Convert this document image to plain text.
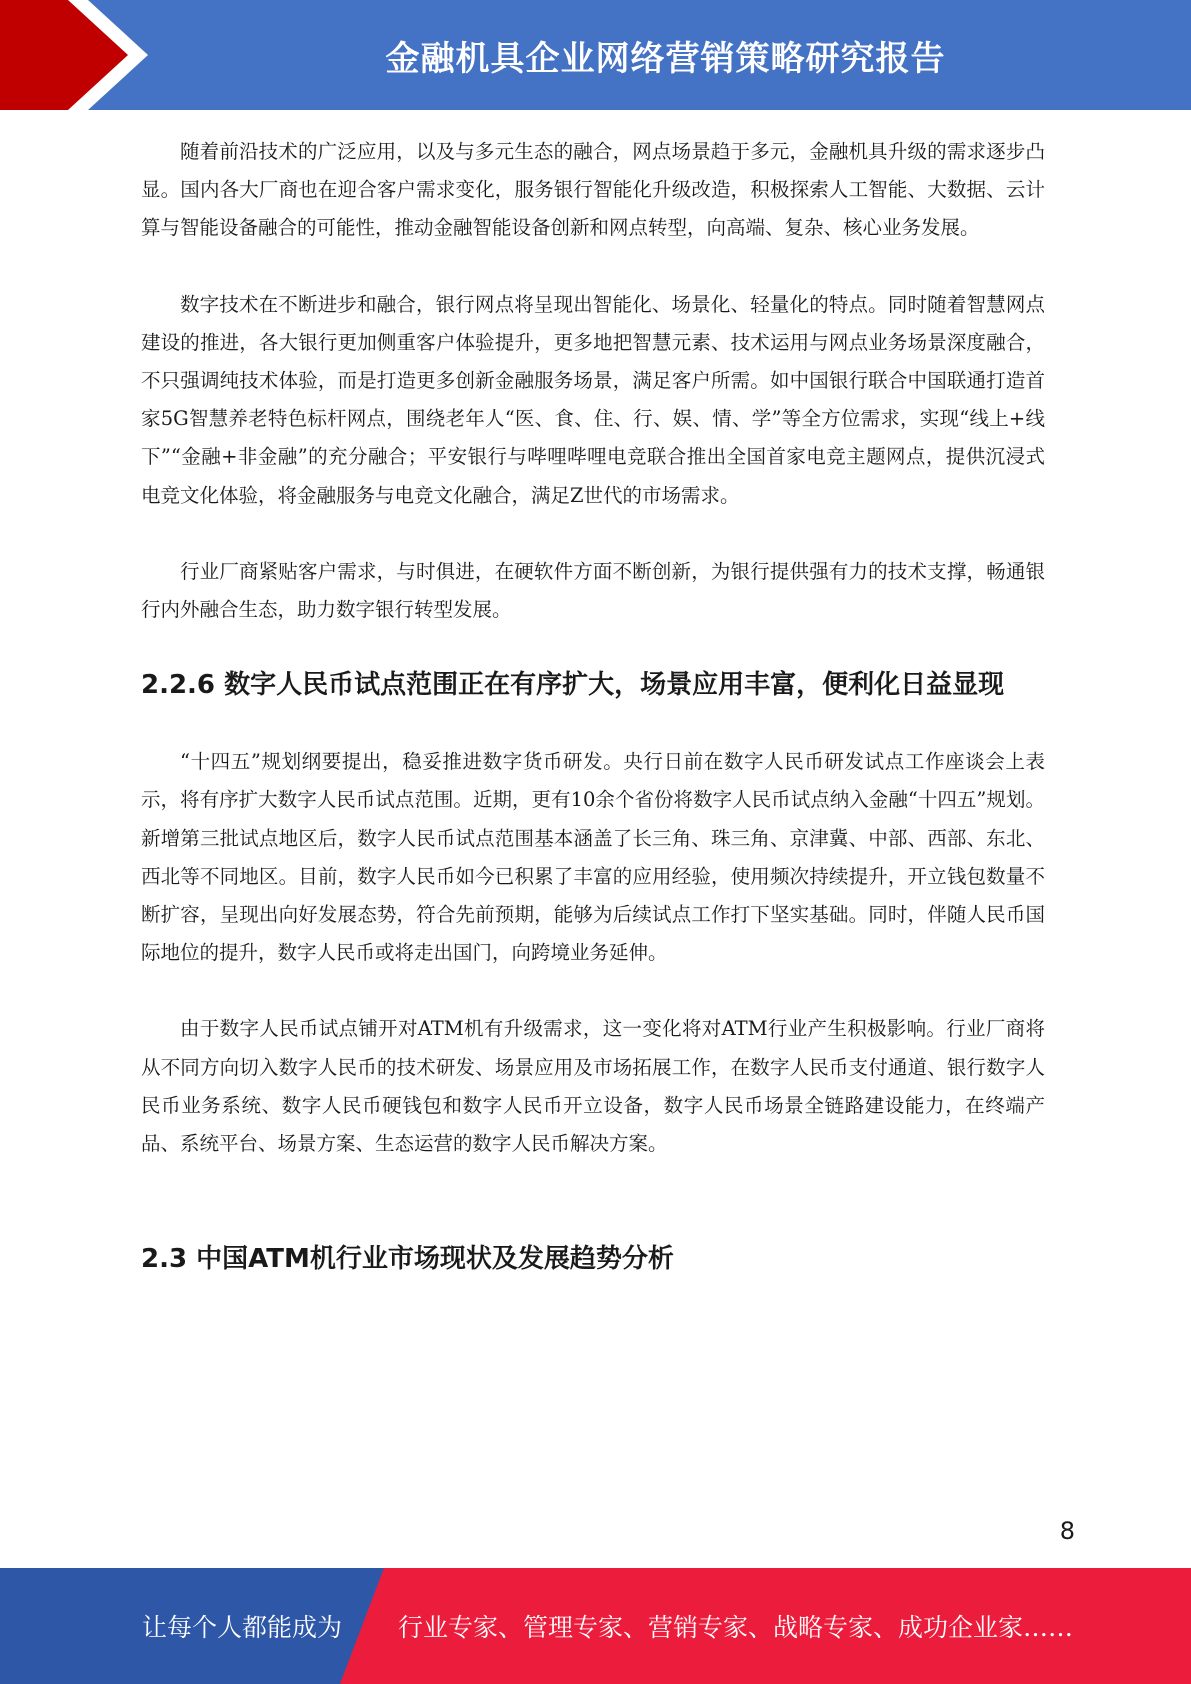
金融机具企业网络营销策略研究报告

随着前沿技术的广泛应用，以及与多元生态的融合，网点场景趋于多元，金融机具升级的需求逐步凸显。国内各大厂商也在迎合客户需求变化，服务银行智能化升级改造，积极探索人工智能、大数据、云计算与智能设备融合的可能性，推动金融智能设备创新和网点转型，向高端、复杂、核心业务发展。

数字技术在不断进步和融合，银行网点将呈现出智能化、场景化、轻量化的特点。同时随着智慧网点建设的推进，各大银行更加侧重客户体验提升，更多地把智慧元素、技术运用与网点业务场景深度融合，不只强调纯技术体验，而是打造更多创新金融服务场景，满足客户所需。如中国银行联合中国联通打造首家5G智慧养老特色标杆网点，围绕老年人“医、食、住、行、娱、情、学”等全方位需求，实现“线上+线下”“金融+非金融”的充分融合；平安银行与哔哩哔哩电竞联合推出全国首家电竞主题网点，提供沉浸式电竞文化体验，将金融服务与电竞文化融合，满足Z世代的市场需求。

行业厂商紧贴客户需求，与时俱进，在硬软件方面不断创新，为银行提供强有力的技术支撑，畅通银行内外融合生态，助力数字银行转型发展。

2.2.6 数字人民币试点范围正在有序扩大，场景应用丰富，便利化日益显现

“十四五”规划纲要提出，稳妥推进数字货币研发。央行日前在数字人民币研发试点工作座谈会上表示，将有序扩大数字人民币试点范围。近期，更有10余个省份将数字人民币试点纳入金融“十四五”规划。新增第三批试点地区后，数字人民币试点范围基本涵盖了长三角、珠三角、京津冀、中部、西部、东北、西北等不同地区。目前，数字人民币如今已积累了丰富的应用经验，使用频次持续提升，开立钱包数量不断扩容，呈现出向好发展态势，符合先前预期，能够为后续试点工作打下坚实基础。同时，伴随人民币国际地位的提升，数字人民币或将走出国门，向跨境业务延伸。

由于数字人民币试点铺开对ATM机有升级需求，这一变化将对ATM行业产生积极影响。行业厂商将从不同方向切入数字人民币的技术研发、场景应用及市场拓展工作，在数字人民币支付通道、银行数字人民币业务系统、数字人民币硬钱包和数字人民币开立设备，数字人民币场景全链路建设能力，在终端产品、系统平台、场景方案、生态运营的数字人民币解决方案。

2.3 中国ATM机行业市场现状及发展趋势分析
8
让每个人都能成为 行业专家、管理专家、营销专家、战略专家、成功企业家……
